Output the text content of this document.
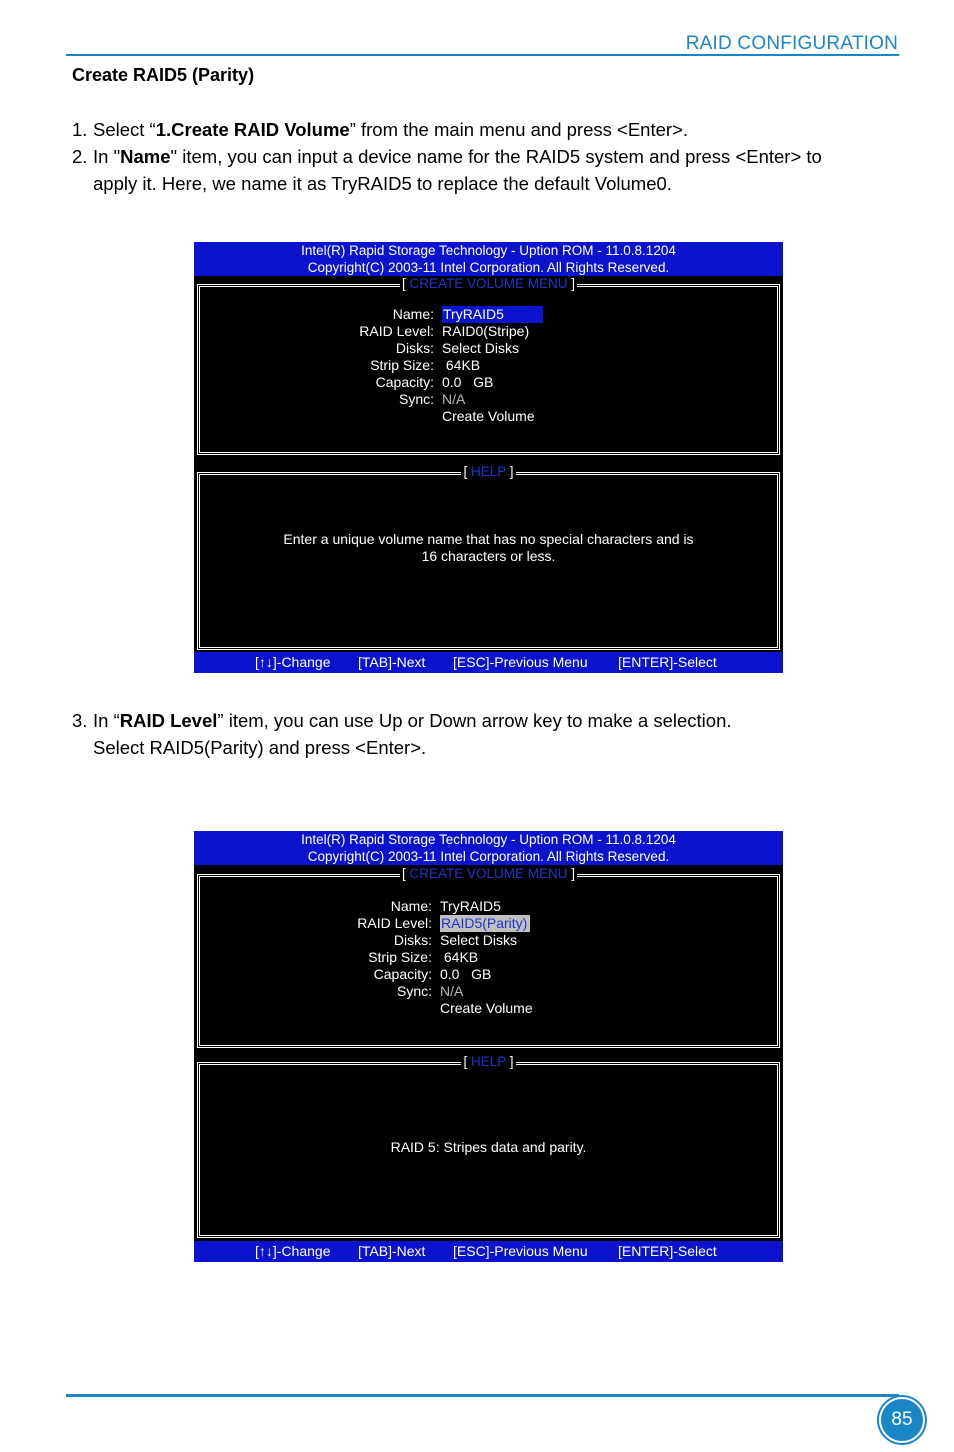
RAID CONFIGURATION
Create RAID5 (Parity)
1. Select “1.Create RAID Volume” from the main menu and press <Enter>.
2. In "Name" item, you can input a device name for the RAID5 system and press <Enter> to
apply it. Here, we name it as TryRAID5 to replace the default Volume0.
Intel(R) Rapid Storage Technology - Uption ROM - 11.0.8.1204
Copyright(C) 2003-11 Intel Corporation. All Rights Reserved.
[ CREATE VOLUME MENU ]
Name: TryRAID5
RAID Level: RAID0(Stripe)
Disks: Select Disks
Strip Size: 64KB
Capacity: 0.0   GB
Sync: N/A
Create Volume
[ HELP ]
Enter a unique volume name that has no special characters and is
16 characters or less.
[↑↓]-Change [TAB]-Next [ESC]-Previous Menu [ENTER]-Select
3. In “RAID Level” item, you can use Up or Down arrow key to make a selection.
Select RAID5(Parity) and press <Enter>.
Intel(R) Rapid Storage Technology - Uption ROM - 11.0.8.1204
Copyright(C) 2003-11 Intel Corporation. All Rights Reserved.
[ CREATE VOLUME MENU ]
Name: TryRAID5
RAID Level: RAID5(Parity)
Disks: Select Disks
Strip Size: 64KB
Capacity: 0.0   GB
Sync: N/A
Create Volume
[ HELP ]
RAID 5: Stripes data and parity.
[↑↓]-Change [TAB]-Next [ESC]-Previous Menu [ENTER]-Select
85
